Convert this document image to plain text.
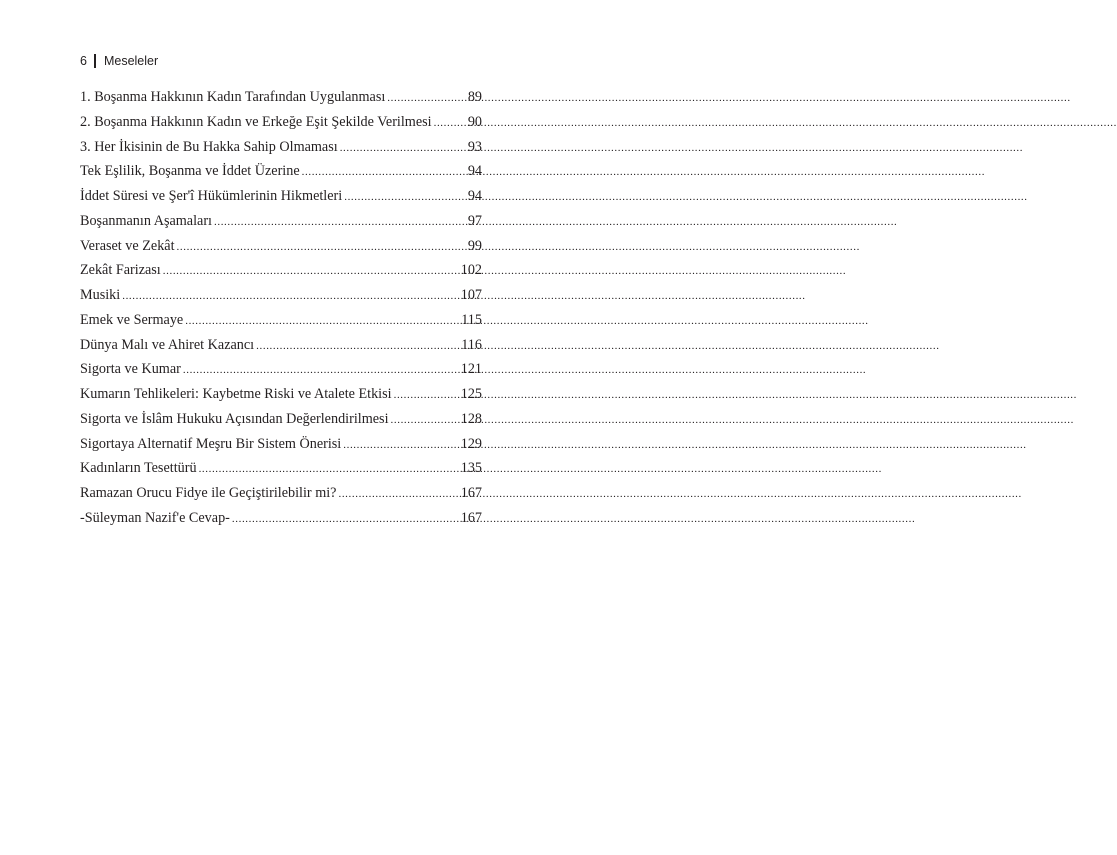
6 Meseleler
1. Boşanma Hakkının Kadın Tarafından Uygulanması .....	89
2. Boşanma Hakkının Kadın ve Erkeğe Eşit Şekilde Verilmesi .....	90
3. Her İkisinin de Bu Hakka Sahip Olmaması .....	93
Tek Eşlilik, Boşanma ve İddet Üzerine .....	94
İddet Süresi ve Şer'î Hükümlerinin Hikmetleri .....	94
Boşanmanın Aşamaları .....	97
Veraset ve Zekât .....	99
Zekât Farizası .....	102
Musiki .....	107
Emek ve Sermaye .....	115
Dünya Malı ve Ahiret Kazancı .....	116
Sigorta ve Kumar .....	121
Kumarın Tehlikeleri: Kaybetme Riski ve Atalete Etkisi .....	125
Sigorta ve İslâm Hukuku Açısından Değerlendirilmesi .....	128
Sigortaya Alternatif Meşru Bir Sistem Önerisi .....	129
Kadınların Tesettürü .....	135
Ramazan Orucu Fidye ile Geçiştirilebilir mi? .....	167
-Süleyman Nazif'e Cevap- .....	167
